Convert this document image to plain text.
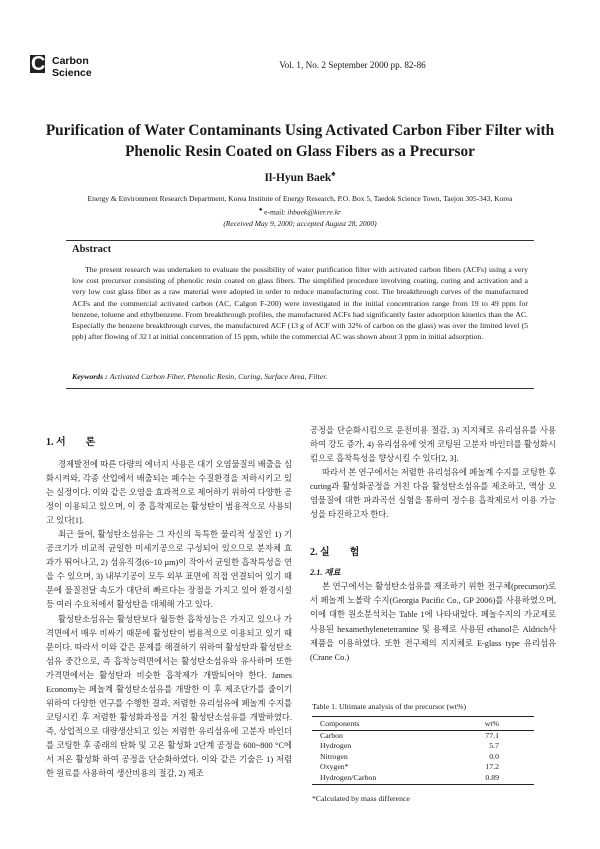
C Carbon
Science
Vol. 1, No. 2 September 2000 pp. 82-86
Purification of Water Contaminants Using Activated Carbon Fiber Filter with Phenolic Resin Coated on Glass Fibers as a Precursor
Il-Hyun Baek♠
Energy & Environment Research Department, Korea Institute of Energy Research, P.O. Box 5, Taedok Science Town, Taejon 305-343, Korea
♠ e-mail: ihbaek@kier.re.kr
(Received May 9, 2000; accepted August 28, 2000)
Abstract
The present research was undertaken to evaluate the possibility of water purification filter with activated carbon fibers (ACFs) using a very low cost precursor consisting of phenolic resin coated on glass fibers. The simplified procedure involving coating, curing and activation and a very low cost glass fiber as a raw material were adopted in order to reduce manufacturing cost. The breakthrough curves of the manufactured ACFs and the commercial activated carbon (AC, Calgon F-200) were investigated in the initial concentration range from 19 to 49 ppm for benzene, toluene and ethylbenzene. From breakthrough profiles, the manufactured ACFs had significantly faster adsorption kinetics than the AC. Especially the benzene breakthrough curves, the manufactured ACF (13 g of ACF with 32% of carbon on the glass) was over the limited level (5 ppb) after flowing of 32 l at initial concentration of 15 ppm, while the commercial AC was shown about 3 ppm in initial adsorption.
Keywords : Activated Carbon Fiber, Phenolic Resin, Curing, Surface Area, Filter.
1. 서　　론

경제발전에 따른 다량의 에너지 사용은 대기 오염물질의 배출을 심화시켜와, 각종 산업에서 배출되는 폐수는 수질환경을 저하시키고 있는 실정이다. 이와 같은 오염을 효과적으로 제어하기 위하여 다양한 공정이 이용되고 있으며, 이 중 흡착제로는 활성탄이 범용적으로 사용되고 있다[1].

최근 들어, 활성탄소섬유는 그 자신의 독특한 물리적 성질인 1) 기공크기가 비교적 균일한 미세기공으로 구성되어 있으므로 분자체 효과가 뛰어나고, 2) 섬유직경(6~10 µm)이 작아서 균일한 흡착특성을 연을 수 있으며, 3) 내부기공이 모두 외부 표면에 직접 연결되어 있기 때문에 물질전달 속도가 대단히 빠르다는 장점을 가지고 있어 환경시설 등 여러 수요처에서 활성탄을 대체해 가고 있다.

활성탄소섬유는 활성탄보다 월등한 흡착성능은 가지고 있으나 가격면에서 매우 비싸기 때문에 활성탄이 범용적으로 이용되고 있기 때문이다. 따라서 이와 같은 문제를 해결하기 위하여 활성탄과 활성탄소섬유 중간으로, 즉 흡착능력면에서는 활성탄소섬유와 유사하며 또한 가격면에서는 활성탄과 비슷한 흡착제가 개발되어야 한다. James Economy는 페놀계 활성탄소섬유를 개발한 이 후 제조단가를 줄이기 위하여 다양한 연구를 수행한 결과, 저렴한 유리섬유에 페놀계 수지를 코팅시킨 후 저렴한 활성화과정을 거친 활성탄소섬유를 개발하였다. 즉, 상업적으로 대량생산되고 있는 저렴한 유리섬유에 고분자 바인더를 코팅한 후 종래의 탄화 및 고온 활성화 2단계 공정을 600~800 °C에서 저온 활성화 하여 공정을 단순화하였다. 이와 같은 기술은 1) 저렴한 원료를 사용하여 생산비용의 절감, 2) 제조

공정을 단순화시킴으로 운전비용 절감, 3) 지지체로 유리섬유를 사용하여 강도 증가, 4) 유리섬유에 엇게 코팅된 고분자 바인더를 활성화시킴으로 흡착특성을 향상시킬 수 있다[2, 3].

따라서 본 연구에서는 저렴한 유리섬유에 페놀계 수지를 코팅한 후 curing과 활성화공정을 거친 다음 활성탄소섬유를 제조하고, 액상 오염물질에 대한 파과곡선 실험을 통하여 정수용 흡착제로서 이용 가능성을 타진하고자 한다.

2. 실　　험
2.1. 재료

본 연구에서는 활성탄소섬유를 제조하기 위한 전구체(precursor)로서 페놀계 노볼락 수지(Georgia Pacific Co., GP 2006)를 사용하였으며, 이에 대한 원소분석치는 Table 1에 나타내었다. 페놀수지의 가교제로 사용된 hexamethylenetetramine 및 용제로 사용된 ethanol은 Aldrich사 제품을 이용하였다. 또한 전구체의 지지체로 E-glass type 유리섬유(Crane Co.)

Table 1. Ultimate analysis of the precursor (wt%)
Components	wt%
Carbon	77.1
Hydrogen	5.7
Nitrogen	0.0
Oxygen*	17.2
Hydrogen/Carbon	0.89
*Calculated by mass difference
